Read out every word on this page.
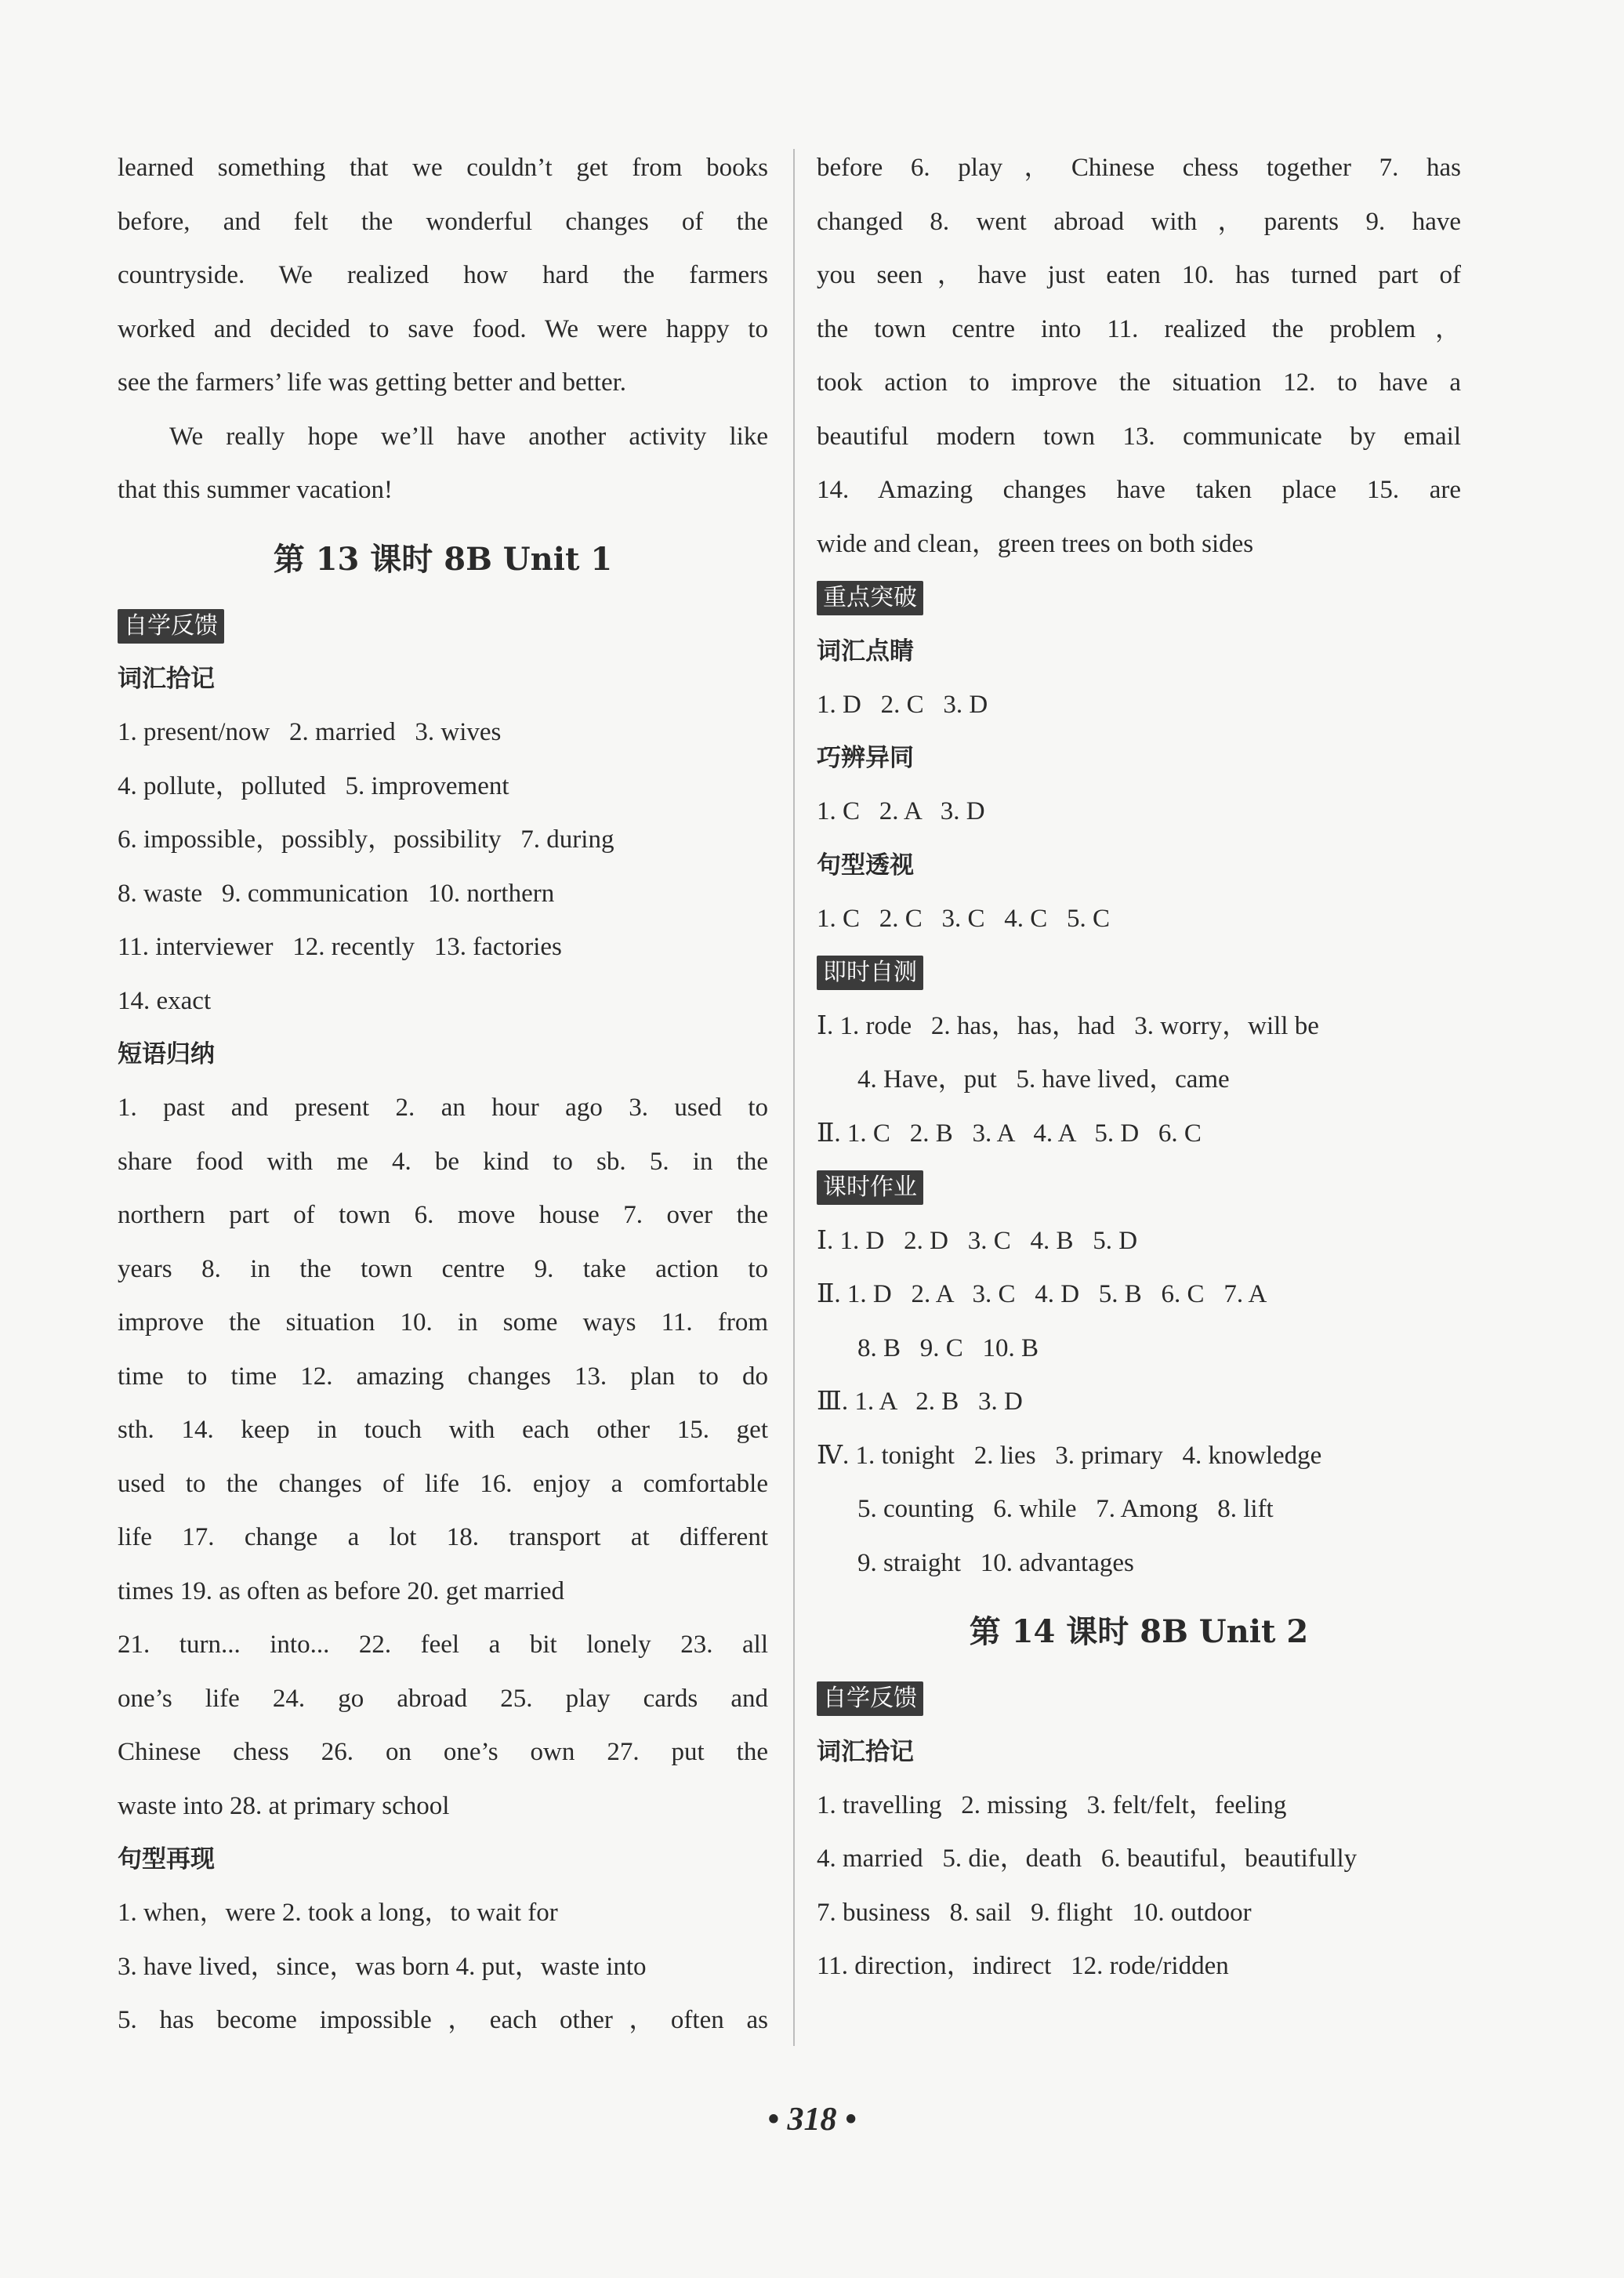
learned something that we couldn’t get from books
before, and felt the wonderful changes of the
countryside. We realized how hard the farmers
worked and decided to save food. We were happy to
see the farmers’ life was getting better and better.
We really hope we’ll have another activity like
that this summer vacation!
第 13 课时 8B Unit 1
自学反馈
词汇拾记
1. present/now   2. married   3. wives
4. pollute，polluted   5. improvement
6. impossible，possibly，possibility   7. during
8. waste   9. communication   10. northern
11. interviewer   12. recently   13. factories
14. exact
短语归纳
1. past and present 2. an hour ago 3. used to
share food with me 4. be kind to sb. 5. in the
northern part of town 6. move house 7. over the
years 8. in the town centre 9. take action to
improve the situation 10. in some ways 11. from
time to time 12. amazing changes 13. plan to do
sth. 14. keep in touch with each other 15. get
used to the changes of life 16. enjoy a comfortable
life 17. change a lot 18. transport at different
times 19. as often as before 20. get married
21. turn... into... 22. feel a bit lonely 23. all
one’s life 24. go abroad 25. play cards and
Chinese chess 26. on one’s own 27. put the
waste into 28. at primary school
句型再现
1. when，were 2. took a long，to wait for
3. have lived，since，was born 4. put，waste into
5. has become impossible，each other，often as
before 6. play，Chinese chess together 7. has
changed 8. went abroad with，parents 9. have
you seen，have just eaten 10. has turned part of
the town centre into 11. realized the problem，
took action to improve the situation 12. to have a
beautiful modern town 13. communicate by email
14. Amazing changes have taken place 15. are
wide and clean，green trees on both sides
重点突破
词汇点睛
1. D   2. C   3. D
巧辨异同
1. C   2. A   3. D
句型透视
1. C   2. C   3. C   4. C   5. C
即时自测
Ⅰ. 1. rode   2. has，has，had   3. worry，will be
4. Have，put   5. have lived，came
Ⅱ. 1. C   2. B   3. A   4. A   5. D   6. C
课时作业
Ⅰ. 1. D   2. D   3. C   4. B   5. D
Ⅱ. 1. D   2. A   3. C   4. D   5. B   6. C   7. A
8. B   9. C   10. B
Ⅲ. 1. A   2. B   3. D
Ⅳ. 1. tonight   2. lies   3. primary   4. knowledge
5. counting   6. while   7. Among   8. lift
9. straight   10. advantages
第 14 课时 8B Unit 2
自学反馈
词汇拾记
1. travelling   2. missing   3. felt/felt，feeling
4. married   5. die，death   6. beautiful，beautifully
7. business   8. sail   9. flight   10. outdoor
11. direction，indirect   12. rode/ridden
• 318 •
